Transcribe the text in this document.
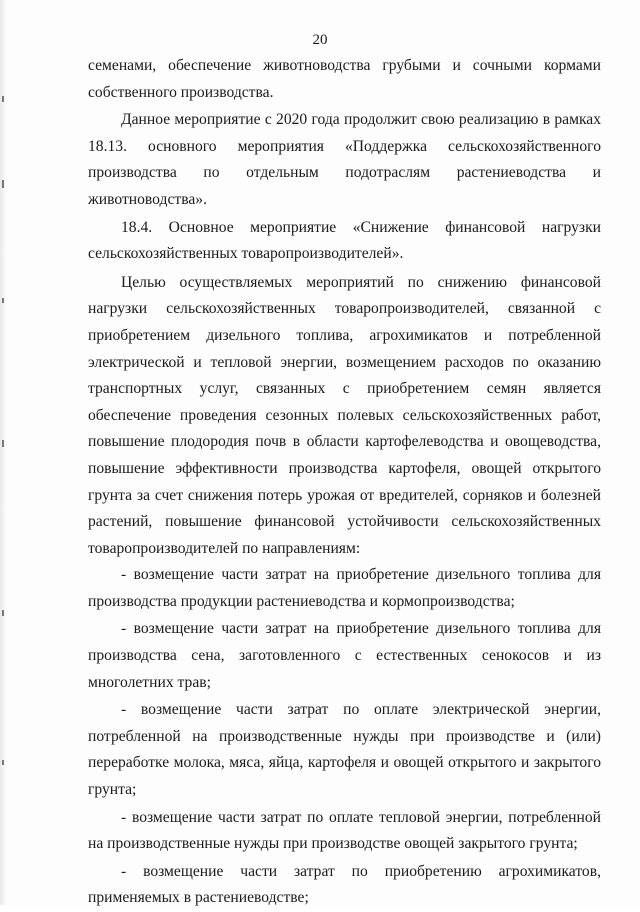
20

семенами, обеспечение животноводства грубыми и сочными кормами собственного производства.

Данное мероприятие с 2020 года продолжит свою реализацию в рамках 18.13. основного мероприятия «Поддержка сельскохозяйственного производства по отдельным подотраслям растениеводства и животноводства».

18.4. Основное мероприятие «Снижение финансовой нагрузки сельскохозяйственных товаропроизводителей».

Целью осуществляемых мероприятий по снижению финансовой нагрузки сельскохозяйственных товаропроизводителей, связанной с приобретением дизельного топлива, агрохимикатов и потребленной электрической и тепловой энергии, возмещением расходов по оказанию транспортных услуг, связанных с приобретением семян является обеспечение проведения сезонных полевых сельскохозяйственных работ, повышение плодородия почв в области картофелеводства и овощеводства, повышение эффективности производства картофеля, овощей открытого грунта за счет снижения потерь урожая от вредителей, сорняков и болезней растений, повышение финансовой устойчивости сельскохозяйственных товаропроизводителей по направлениям:

- возмещение части затрат на приобретение дизельного топлива для производства продукции растениеводства и кормопроизводства;

- возмещение части затрат на приобретение дизельного топлива для производства сена, заготовленного с естественных сенокосов и из многолетних трав;

- возмещение части затрат по оплате электрической энергии, потребленной на производственные нужды при производстве и (или) переработке молока, мяса, яйца, картофеля и овощей открытого и закрытого грунта;

- возмещение части затрат по оплате тепловой энергии, потребленной на производственные нужды при производстве овощей закрытого грунта;

- возмещение части затрат по приобретению агрохимикатов, применяемых в растениеводстве;
